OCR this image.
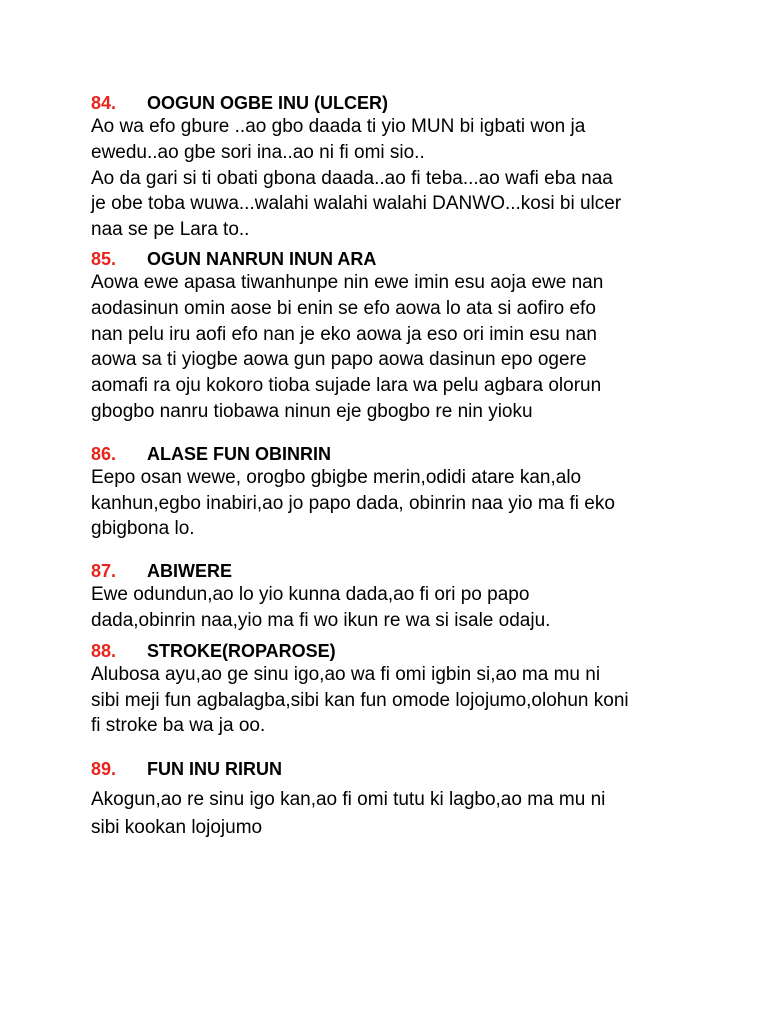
84. OOGUN OGBE INU (ULCER)

Ao wa efo gbure ..ao gbo daada ti yio MUN bi igbati won ja
ewedu..ao gbe sori ina..ao ni fi omi sio..
Ao da gari si ti obati gbona daada..ao fi teba...ao wafi eba naa
je obe toba wuwa...walahi walahi walahi DANWO...kosi bi ulcer
naa se pe Lara to..

85. OGUN NANRUN INUN ARA

Aowa ewe apasa tiwanhunpe nin ewe imin esu aoja ewe nan
aodasinun omin aose bi enin se efo aowa lo ata si aofiro efo
nan pelu iru aofi efo nan je eko aowa ja eso ori imin esu nan
aowa sa ti yiogbe aowa gun papo aowa dasinun epo ogere
aomafi ra oju kokoro tioba sujade lara wa pelu agbara olorun
gbogbo nanru tiobawa ninun eje gbogbo re nin yioku

86. ALASE FUN OBINRIN

Eepo osan wewe, orogbo gbigbe merin,odidi atare kan,alo
kanhun,egbo inabiri,ao jo papo dada, obinrin naa yio ma fi eko
gbigbona lo.

87. ABIWERE

Ewe odundun,ao lo yio kunna dada,ao fi ori po papo
dada,obinrin naa,yio ma fi wo ikun re wa si isale odaju.

88. STROKE(ROPAROSE)

Alubosa ayu,ao ge sinu igo,ao wa fi omi igbin si,ao ma mu ni
sibi meji fun agbalagba,sibi kan fun omode lojojumo,olohun koni
fi stroke ba wa ja oo.

89. FUN INU RIRUN

Akogun,ao re sinu igo kan,ao fi omi tutu ki lagbo,ao ma mu ni
sibi kookan lojojumo
